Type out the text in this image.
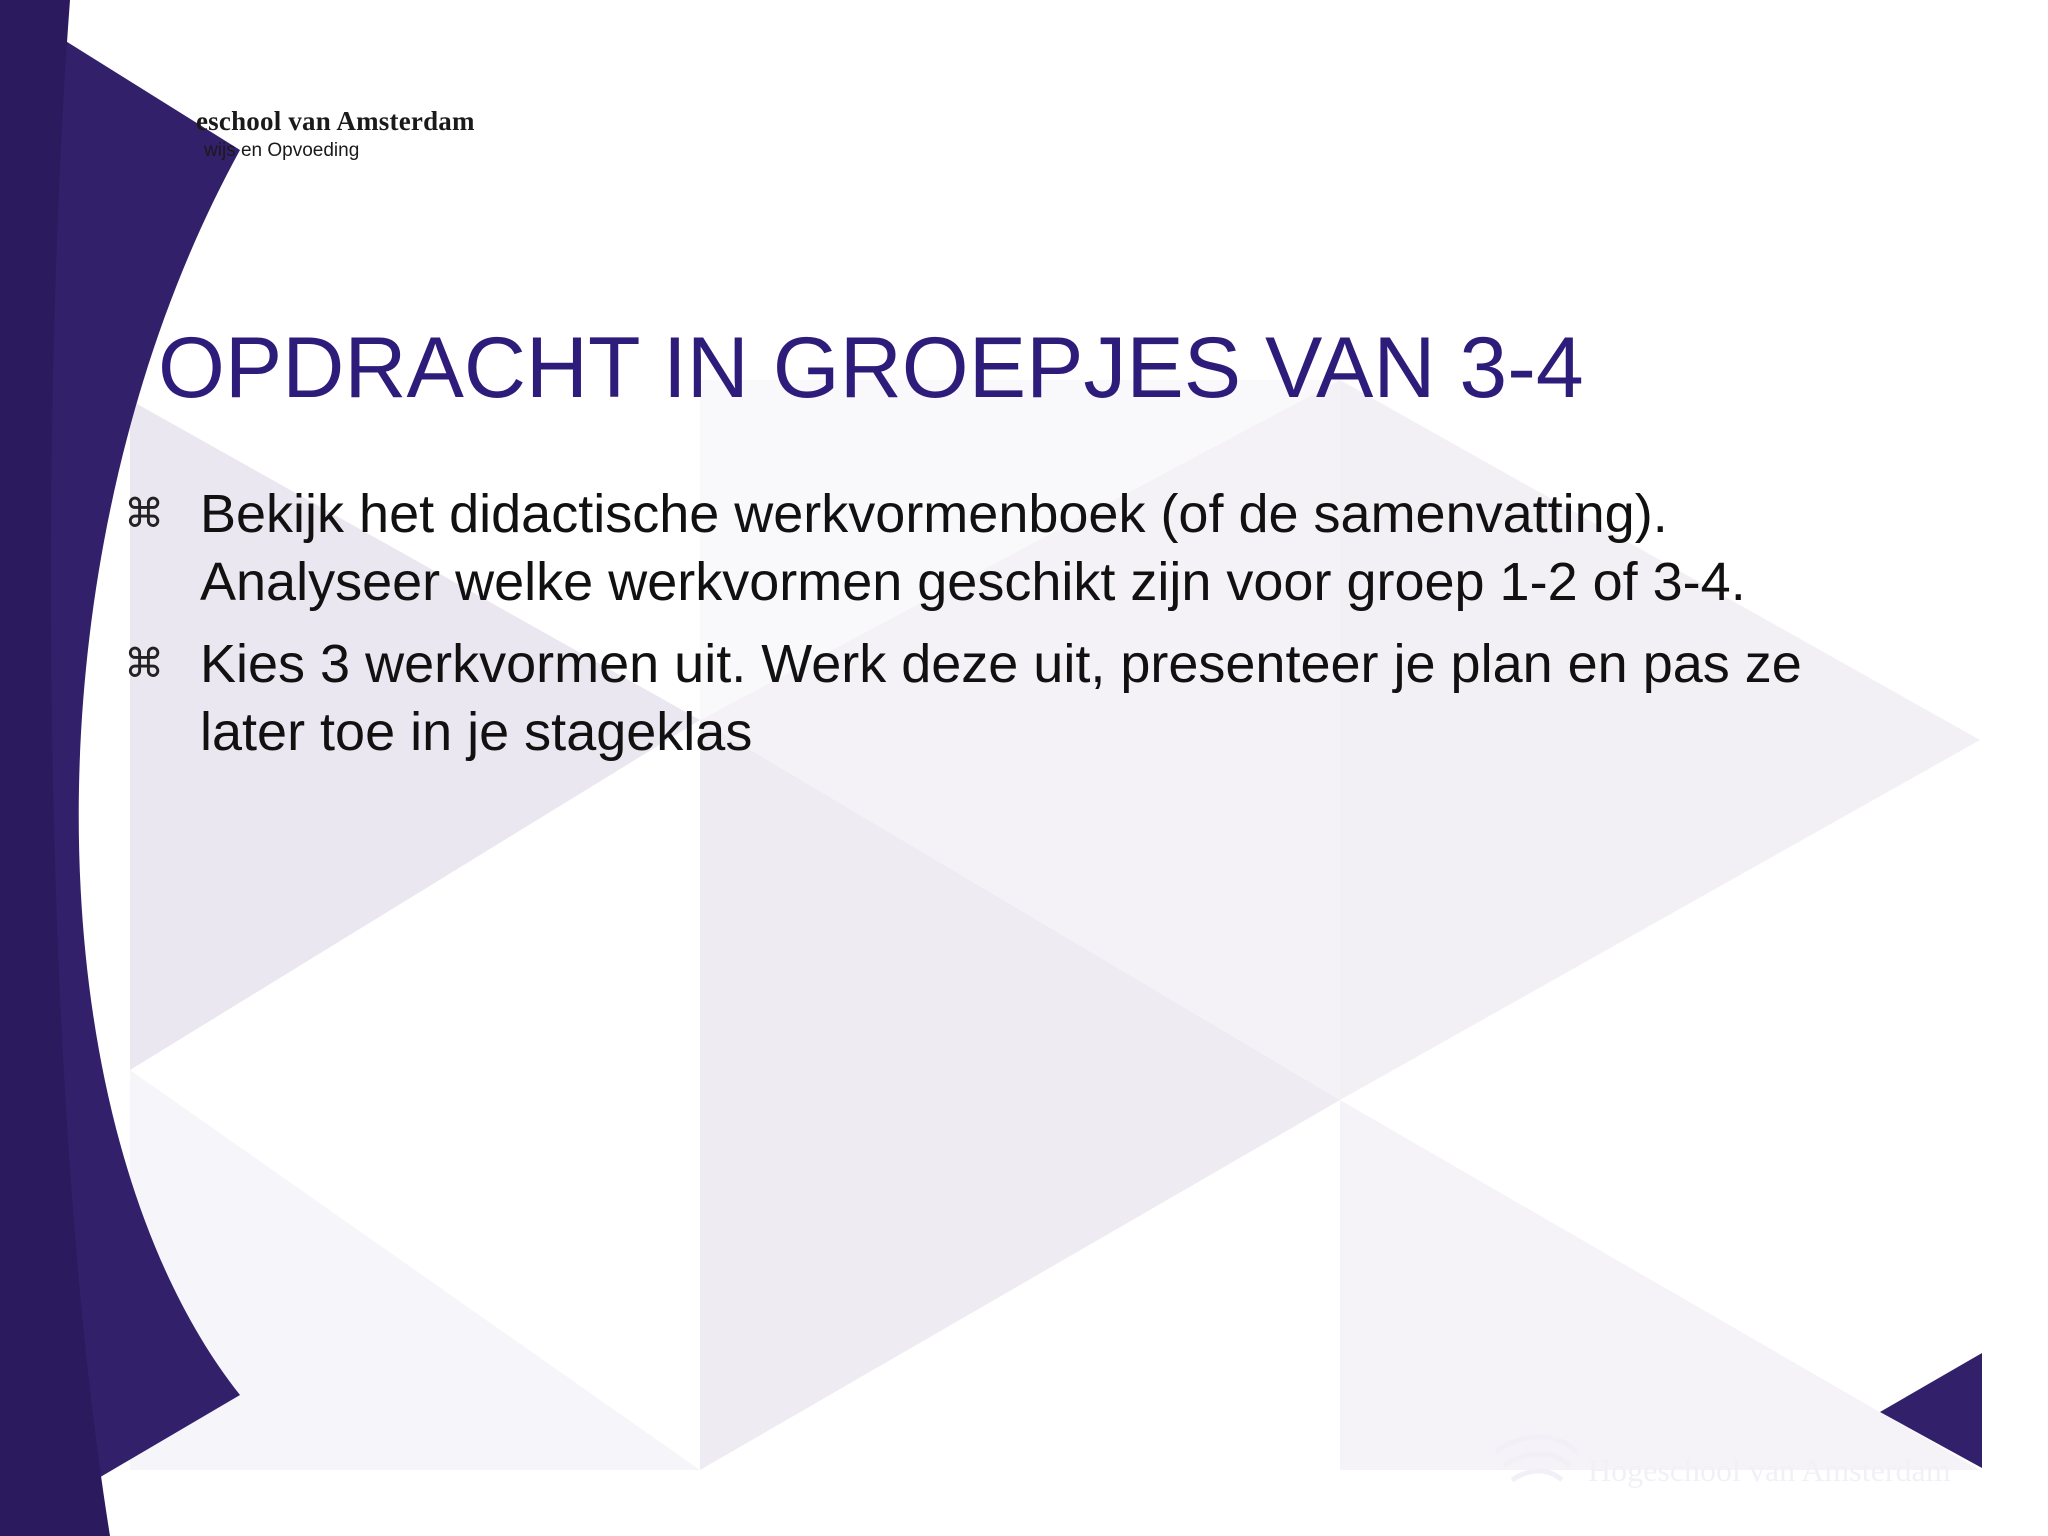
eschool van Amsterdam
wijs en Opvoeding
OPDRACHT IN GROEPJES VAN 3-4
⌘ Bekijk het didactische werkvormenboek (of de samenvatting).
Analyseer welke werkvormen geschikt zijn voor groep 1-2 of 3-4.
⌘ Kies 3 werkvormen uit. Werk deze uit, presenteer je plan en pas ze
later toe in je stageklas
Hogeschool van Amsterdam
